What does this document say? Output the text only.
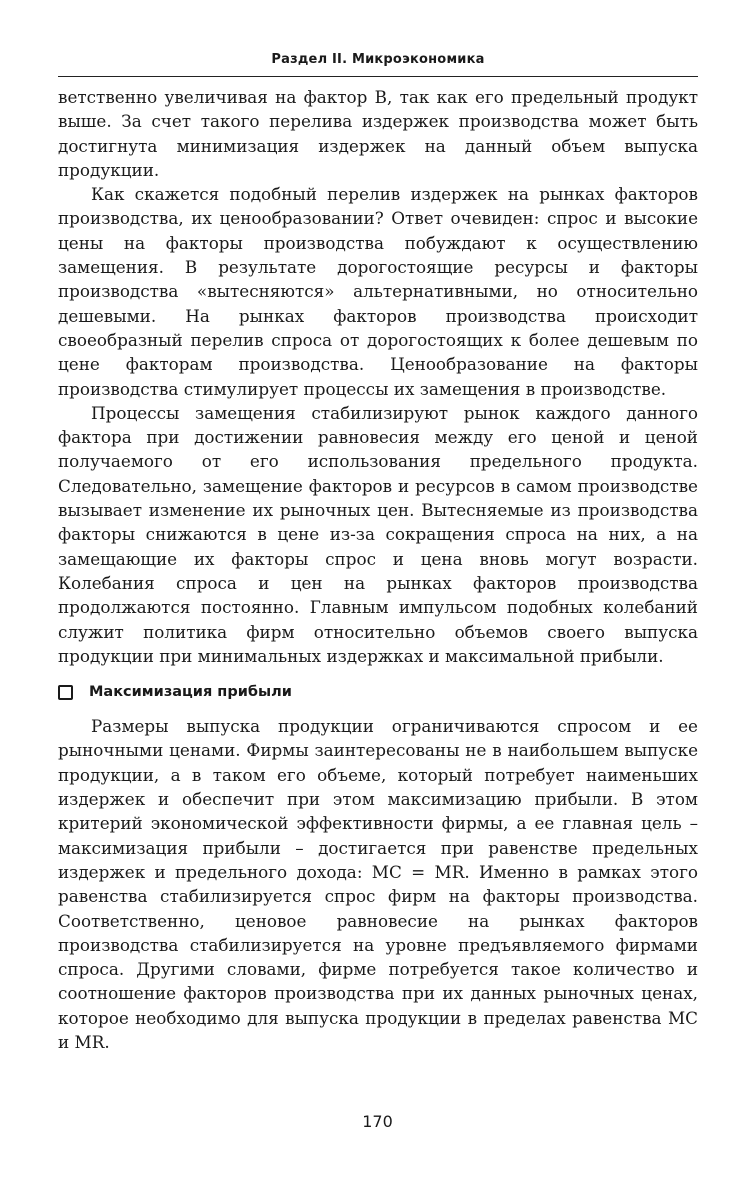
Раздел II. Микроэкономика

ветственно увеличивая на фактор В, так как его предельный продукт выше. За счет такого перелива издержек производства может быть достигнута минимизация издержек на данный объем выпуска продукции.

Как скажется подобный перелив издержек на рынках факторов производства, их ценообразовании? Ответ очевиден: спрос и высокие цены на факторы производства побуждают к осуществлению замещения. В результате дорогостоящие ресурсы и факторы производства «вытесняются» альтернативными, но относительно дешевыми. На рынках факторов производства происходит своеобразный перелив спроса от дорогостоящих к более дешевым по цене факторам производства. Ценообразование на факторы производства стимулирует процессы их замещения в производстве.

Процессы замещения стабилизируют рынок каждого данного фактора при достижении равновесия между его ценой и ценой получаемого от его использования предельного продукта. Следовательно, замещение факторов и ресурсов в самом производстве вызывает изменение их рыночных цен. Вытесняемые из производства факторы снижаются в цене из-за сокращения спроса на них, а на замещающие их факторы спрос и цена вновь могут возрасти. Колебания спроса и цен на рынках факторов производства продолжаются постоянно. Главным импульсом подобных колебаний служит политика фирм относительно объемов своего выпуска продукции при минимальных издержках и максимальной прибыли.

Максимизация прибыли

Размеры выпуска продукции ограничиваются спросом и ее рыночными ценами. Фирмы заинтересованы не в наибольшем выпуске продукции, а в таком его объеме, который потребует наименьших издержек и обеспечит при этом максимизацию прибыли. В этом критерий экономической эффективности фирмы, а ее главная цель – максимизация прибыли – достигается при равенстве предельных издержек и предельного дохода: MC = MR. Именно в рамках этого равенства стабилизируется спрос фирм на факторы производства. Соответственно, ценовое равновесие на рынках факторов производства стабилизируется на уровне предъявляемого фирмами спроса. Другими словами, фирме потребуется такое количество и соотношение факторов производства при их данных рыночных ценах, которое необходимо для выпуска продукции в пределах равенства MC и MR.

170
